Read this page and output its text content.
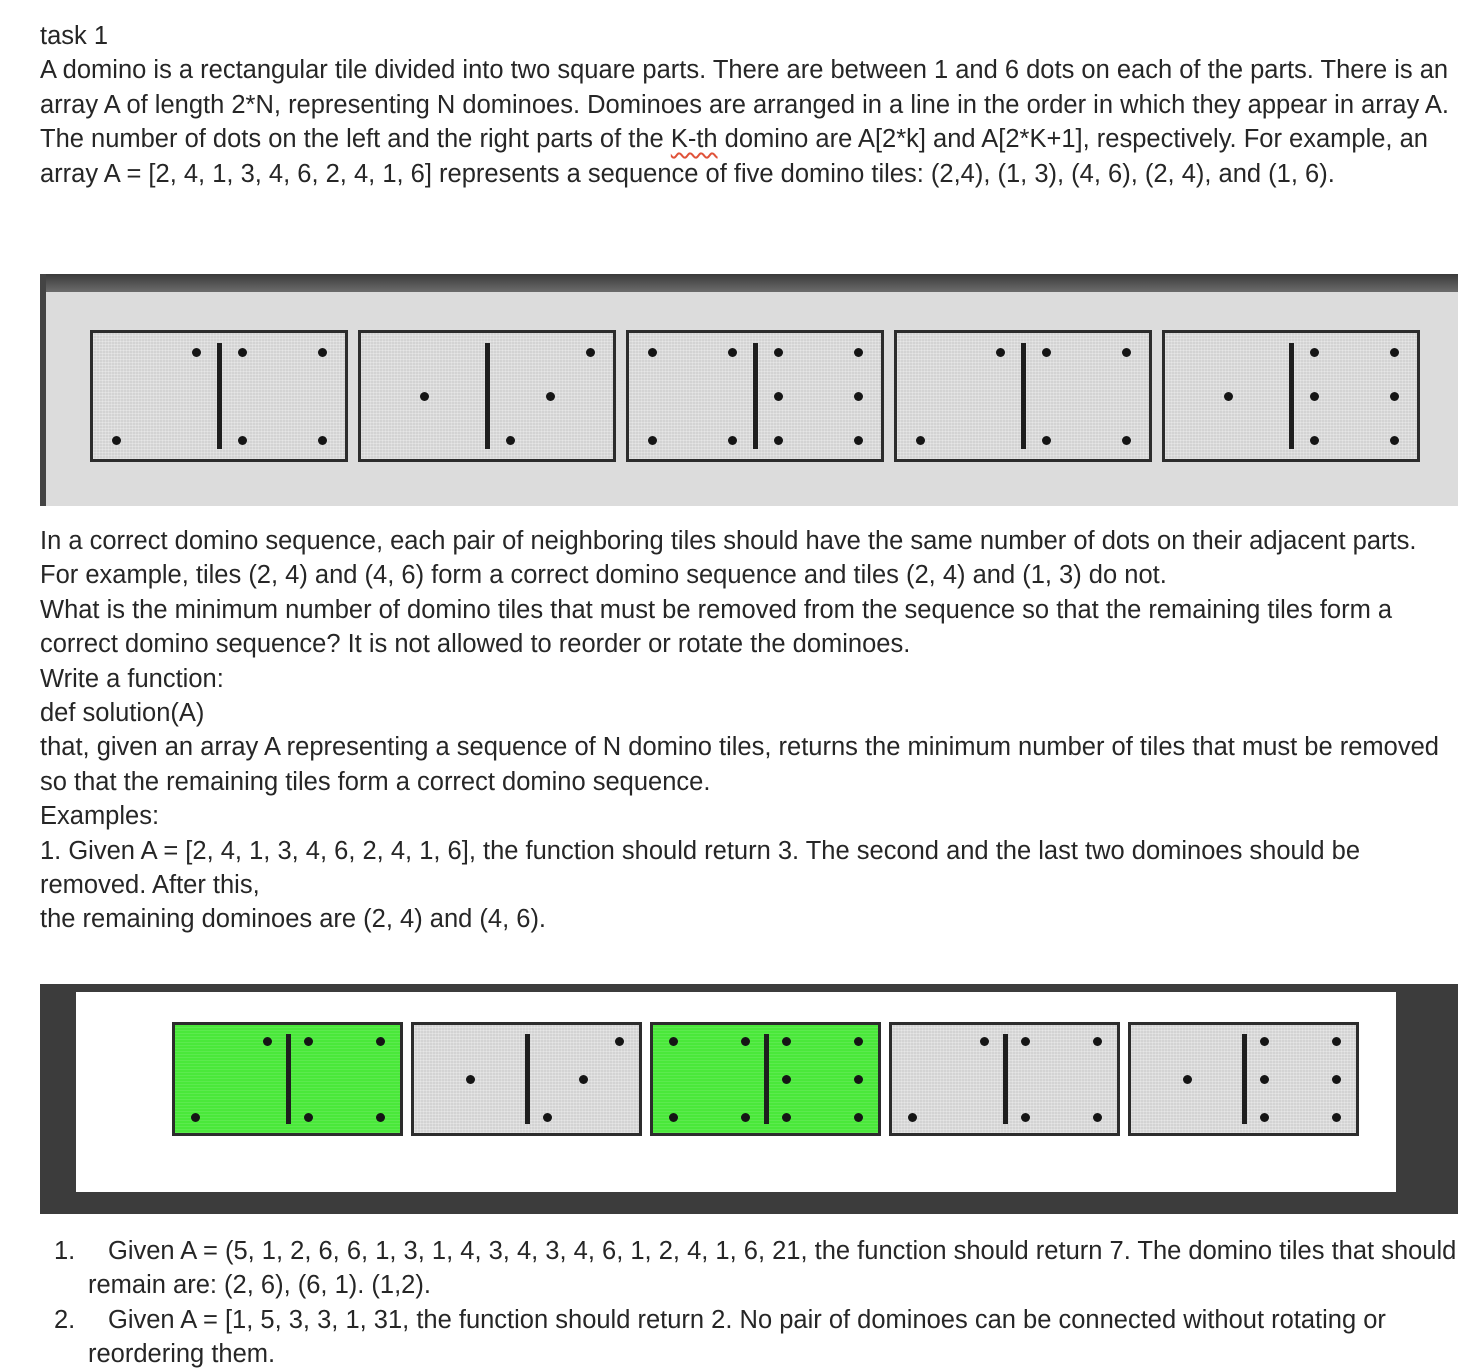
task 1
A domino is a rectangular tile divided into two square parts. There are between 1 and 6 dots on each of the parts. There is an array A of length 2*N, representing N dominoes. Dominoes are arranged in a line in the order in which they appear in array A.
The number of dots on the left and the right parts of the K-th domino are A[2*k] and A[2*K+1], respectively. For example, an array A = [2, 4, 1, 3, 4, 6, 2, 4, 1, 6] represents a sequence of five domino tiles: (2,4), (1, 3), (4, 6), (2, 4), and (1, 6).
In a correct domino sequence, each pair of neighboring tiles should have the same number of dots on their adjacent parts. For example, tiles (2, 4) and (4, 6) form a correct domino sequence and tiles (2, 4) and (1, 3) do not.
What is the minimum number of domino tiles that must be removed from the sequence so that the remaining tiles form a correct domino sequence? It is not allowed to reorder or rotate the dominoes.
Write a function:
def solution(A)
that, given an array A representing a sequence of N domino tiles, returns the minimum number of tiles that must be removed so that the remaining tiles form a correct domino sequence.
Examples:
1. Given A = [2, 4, 1, 3, 4, 6, 2, 4, 1, 6], the function should return 3. The second and the last two dominoes should be removed. After this,
the remaining dominoes are (2, 4) and (4, 6).
1. Given A = (5, 1, 2, 6, 6, 1, 3, 1, 4, 3, 4, 3, 4, 6, 1, 2, 4, 1, 6, 21, the function should return 7. The domino tiles that should remain are: (2, 6), (6, 1). (1,2).
2. Given A = [1, 5, 3, 3, 1, 31, the function should return 2. No pair of dominoes can be connected without rotating or reordering them.
